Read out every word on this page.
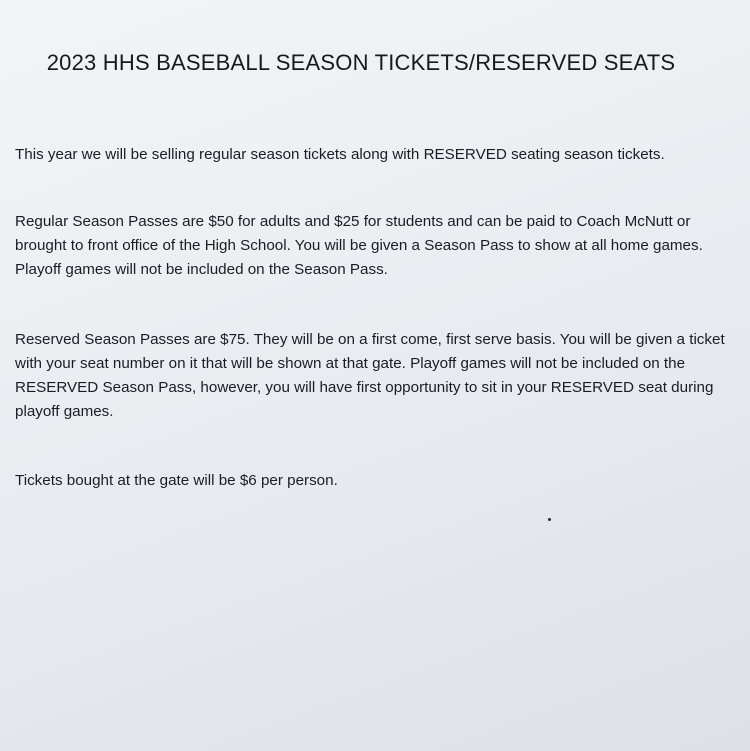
2023 HHS BASEBALL SEASON TICKETS/RESERVED SEATS
This year we will be selling regular season tickets along with RESERVED seating season tickets.
Regular Season Passes are $50 for adults and $25 for students and can be paid to Coach McNutt or brought to front office of the High School. You will be given a Season Pass to show at all home games. Playoff games will not be included on the Season Pass.
Reserved Season Passes are $75. They will be on a first come, first serve basis. You will be given a ticket with your seat number on it that will be shown at that gate. Playoff games will not be included on the RESERVED Season Pass, however, you will have first opportunity to sit in your RESERVED seat during playoff games.
Tickets bought at the gate will be $6 per person.
